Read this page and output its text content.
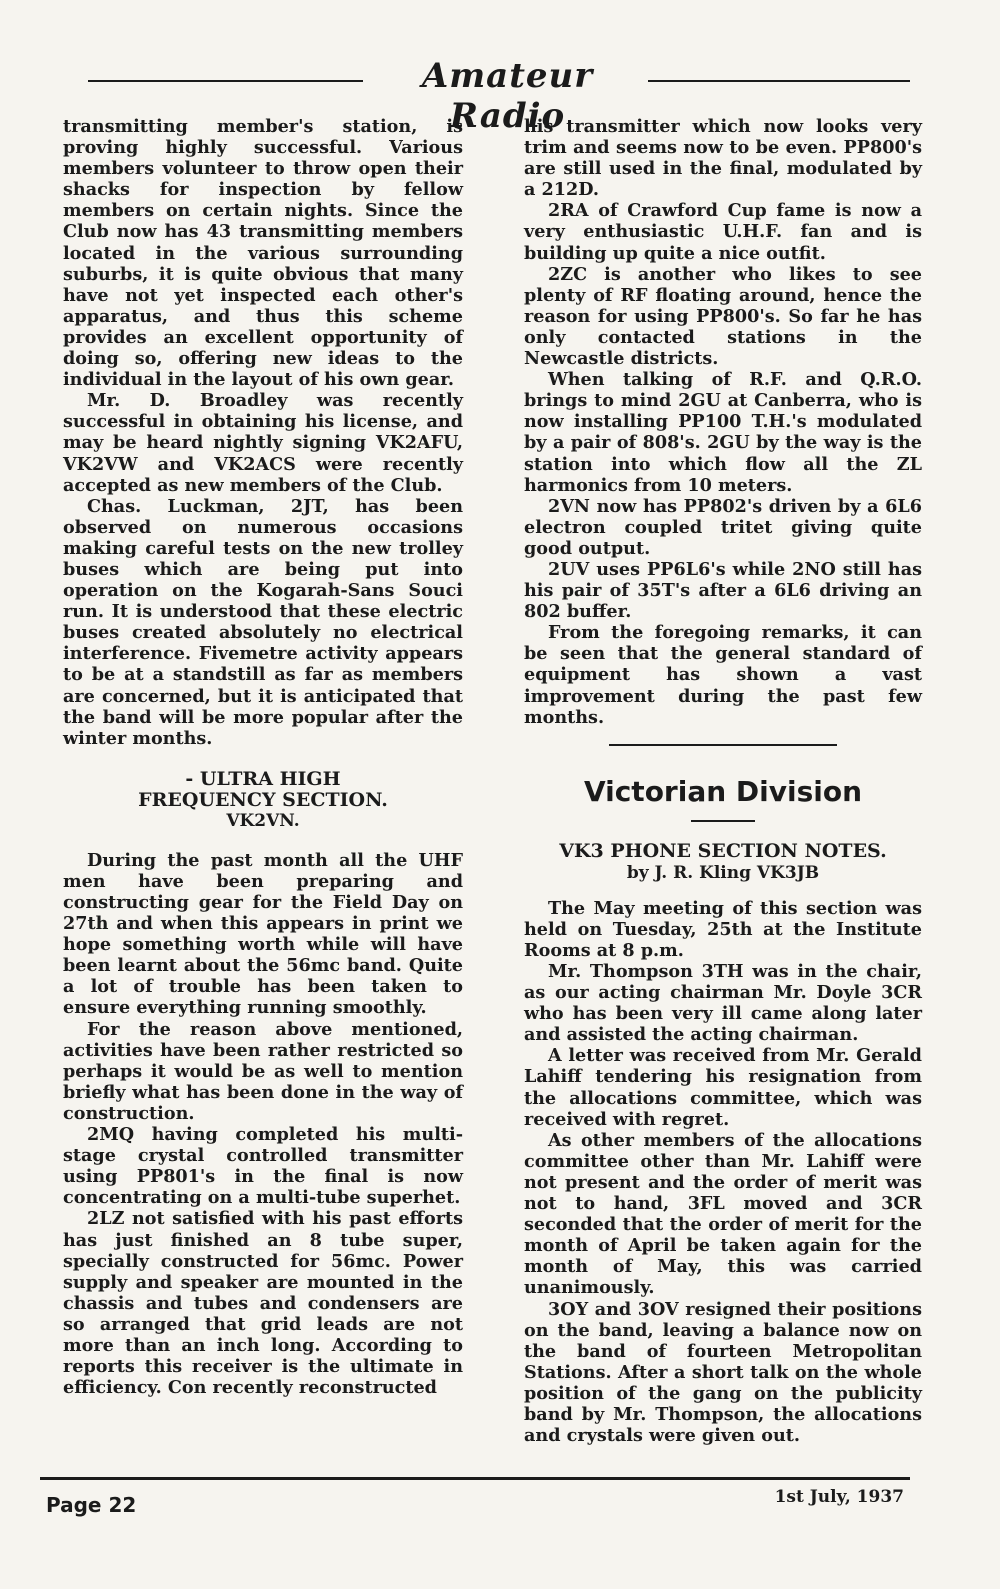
Amateur Radio

transmitting member's station, is proving highly successful. Various members volunteer to throw open their shacks for inspection by fellow members on certain nights. Since the Club now has 43 transmitting members located in the various surrounding suburbs, it is quite obvious that many have not yet inspected each other's apparatus, and thus this scheme provides an excellent opportunity of doing so, offering new ideas to the individual in the layout of his own gear.

Mr. D. Broadley was recently successful in obtaining his license, and may be heard nightly signing VK2AFU, VK2VW and VK2ACS were recently accepted as new members of the Club.

Chas. Luckman, 2JT, has been observed on numerous occasions making careful tests on the new trolley buses which are being put into operation on the Kogarah-Sans Souci run. It is understood that these electric buses created absolutely no electrical interference. Fivemetre activity appears to be at a standstill as far as members are concerned, but it is anticipated that the band will be more popular after the winter months.

- ULTRA HIGH
FREQUENCY SECTION.
VK2VN.

During the past month all the UHF men have been preparing and constructing gear for the Field Day on 27th and when this appears in print we hope something worth while will have been learnt about the 56mc band. Quite a lot of trouble has been taken to ensure everything running smoothly.

For the reason above mentioned, activities have been rather restricted so perhaps it would be as well to mention briefly what has been done in the way of construction.

2MQ having completed his multi-stage crystal controlled transmitter using PP801's in the final is now concentrating on a multi-tube superhet.

2LZ not satisfied with his past efforts has just finished an 8 tube super, specially constructed for 56mc. Power supply and speaker are mounted in the chassis and tubes and condensers are so arranged that grid leads are not more than an inch long. According to reports this receiver is the ultimate in efficiency. Con recently reconstructed

his transmitter which now looks very trim and seems now to be even. PP800's are still used in the final, modulated by a 212D.

2RA of Crawford Cup fame is now a very enthusiastic U.H.F. fan and is building up quite a nice outfit.

2ZC is another who likes to see plenty of RF floating around, hence the reason for using PP800's. So far he has only contacted stations in the Newcastle districts.

When talking of R.F. and Q.R.O. brings to mind 2GU at Canberra, who is now installing PP100 T.H.'s modulated by a pair of 808's. 2GU by the way is the station into which flow all the ZL harmonics from 10 meters.

2VN now has PP802's driven by a 6L6 electron coupled tritet giving quite good output.

2UV uses PP6L6's while 2NO still has his pair of 35T's after a 6L6 driving an 802 buffer.

From the foregoing remarks, it can be seen that the general standard of equipment has shown a vast improvement during the past few months.

Victorian Division
VK3 PHONE SECTION NOTES.
by J. R. Kling VK3JB

The May meeting of this section was held on Tuesday, 25th at the Institute Rooms at 8 p.m.

Mr. Thompson 3TH was in the chair, as our acting chairman Mr. Doyle 3CR who has been very ill came along later and assisted the acting chairman.

A letter was received from Mr. Gerald Lahiff tendering his resignation from the allocations committee, which was received with regret.

As other members of the allocations committee other than Mr. Lahiff were not present and the order of merit was not to hand, 3FL moved and 3CR seconded that the order of merit for the month of April be taken again for the month of May, this was carried unanimously.

3OY and 3OV resigned their positions on the band, leaving a balance now on the band of fourteen Metropolitan Stations. After a short talk on the whole position of the gang on the publicity band by Mr. Thompson, the allocations and crystals were given out.

Page 22	1st July, 1937
